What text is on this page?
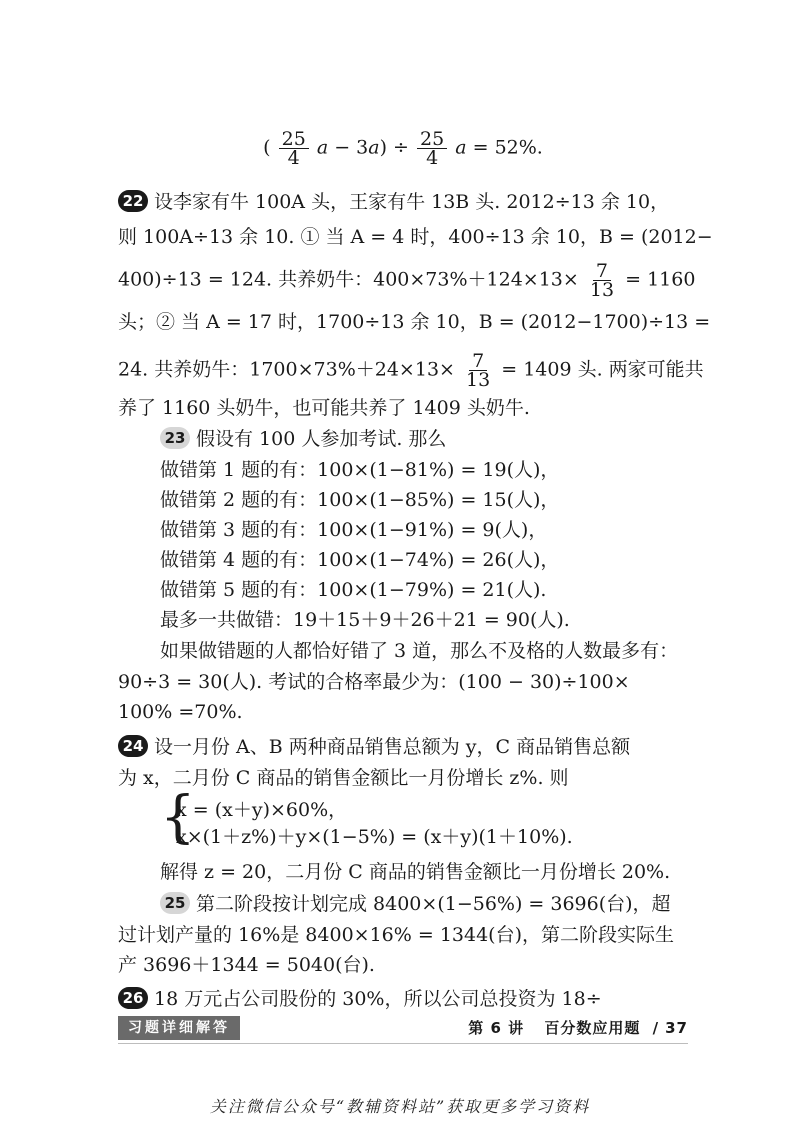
( $\frac{25}{4}$ $a - 3a) \div \frac{25}{4}$ a = 52%.
22 设李家有牛 100A 头，王家有牛 13B 头. 2012÷13 余 10，
则 100A÷13 余 10. ① 当 A = 4 时，400÷13 余 10，B = (2012−
400)÷13 = 124. 共养奶牛：$400\times 73\%+124\times 13\times \frac{7}{13} = 1160$
头；② 当 A = 17 时，1700÷13 余 10，B = (2012−1700)÷13 =
24. 共养奶牛：$1700\times 73\%+24\times 13\times \frac{7}{13} = 1409$ 头. 两家可能共
养了 1160 头奶牛，也可能共养了 1409 头奶牛.
23 假设有 100 人参加考试. 那么
做错第 1 题的有：100×(1−81%) = 19(人)，
做错第 2 题的有：100×(1−85%) = 15(人)，
做错第 3 题的有：100×(1−91%) = 9(人)，
做错第 4 题的有：100×(1−74%) = 26(人)，
做错第 5 题的有：100×(1−79%) = 21(人).
最多一共做错：19＋15＋9＋26＋21 = 90(人).
如果做错题的人都恰好错了 3 道，那么不及格的人数最多有：
90÷3 = 30(人). 考试的合格率最少为：(100 − 30)÷100×
100% =70%.
24 设一月份 A、B 两种商品销售总额为 y，C 商品销售总额
为 x，二月份 C 商品的销售金额比一月份增长 z%. 则
{
x = (x＋y)×60%，
x×(1＋z%)＋y×(1−5%) = (x＋y)(1＋10%).
解得 z = 20，二月份 C 商品的销售金额比一月份增长 20%.
25 第二阶段按计划完成 8400×(1−56%) = 3696(台)，超
过计划产量的 16%是 8400×16% = 1344(台)，第二阶段实际生
产 3696＋1344 = 5040(台).
26 18 万元占公司股份的 30%，所以公司总投资为 18÷
习题详细解答	第 6 讲 百分数应用题 / 37
关注微信公众号“教辅资料站”获取更多学习资料
